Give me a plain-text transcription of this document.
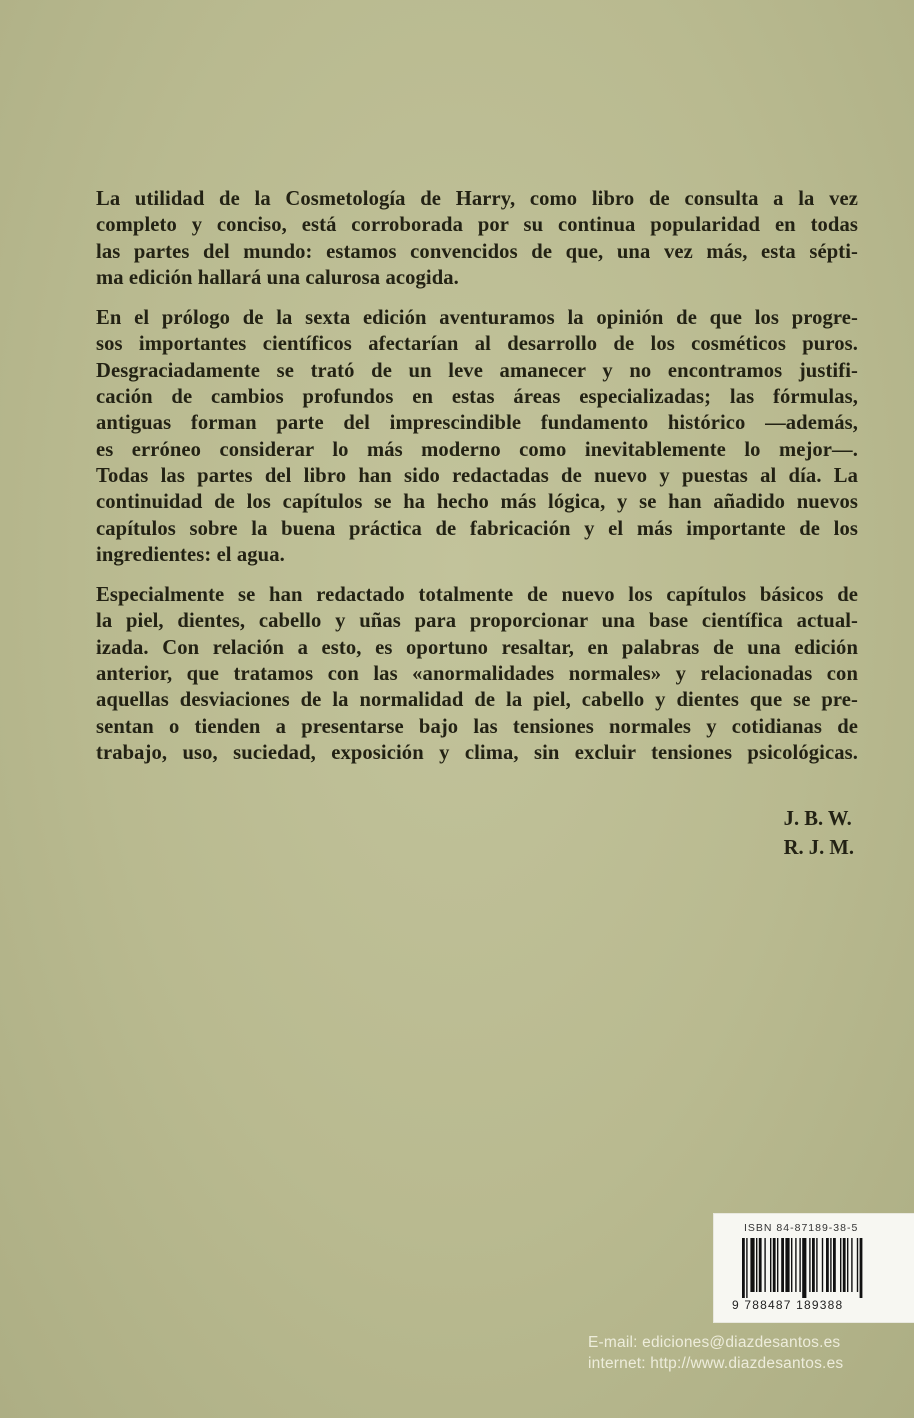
La utilidad de la Cosmetología de Harry, como libro de consulta a la vez
completo y conciso, está corroborada por su continua popularidad en todas
las partes del mundo: estamos convencidos de que, una vez más, esta sépti-
ma edición hallará una calurosa acogida.

En el prólogo de la sexta edición aventuramos la opinión de que los progre-
sos importantes científicos afectarían al desarrollo de los cosméticos puros.
Desgraciadamente se trató de un leve amanecer y no encontramos justifi-
cación de cambios profundos en estas áreas especializadas; las fórmulas,
antiguas forman parte del imprescindible fundamento histórico —además,
es erróneo considerar lo más moderno como inevitablemente lo mejor—.
Todas las partes del libro han sido redactadas de nuevo y puestas al día. La
continuidad de los capítulos se ha hecho más lógica, y se han añadido nuevos
capítulos sobre la buena práctica de fabricación y el más importante de los
ingredientes: el agua.

Especialmente se han redactado totalmente de nuevo los capítulos básicos de
la piel, dientes, cabello y uñas para proporcionar una base científica actual-
izada. Con relación a esto, es oportuno resaltar, en palabras de una edición
anterior, que tratamos con las «anormalidades normales» y relacionadas con
aquellas desviaciones de la normalidad de la piel, cabello y dientes que se pre-
sentan o tienden a presentarse bajo las tensiones normales y cotidianas de
trabajo, uso, suciedad, exposición y clima, sin excluir tensiones psicológicas.

J. B. W.
R. J. M.
ISBN 84-87189-38-5
9 788487 189388
E-mail: ediciones@diazdesantos.es
internet: http://www.diazdesantos.es
